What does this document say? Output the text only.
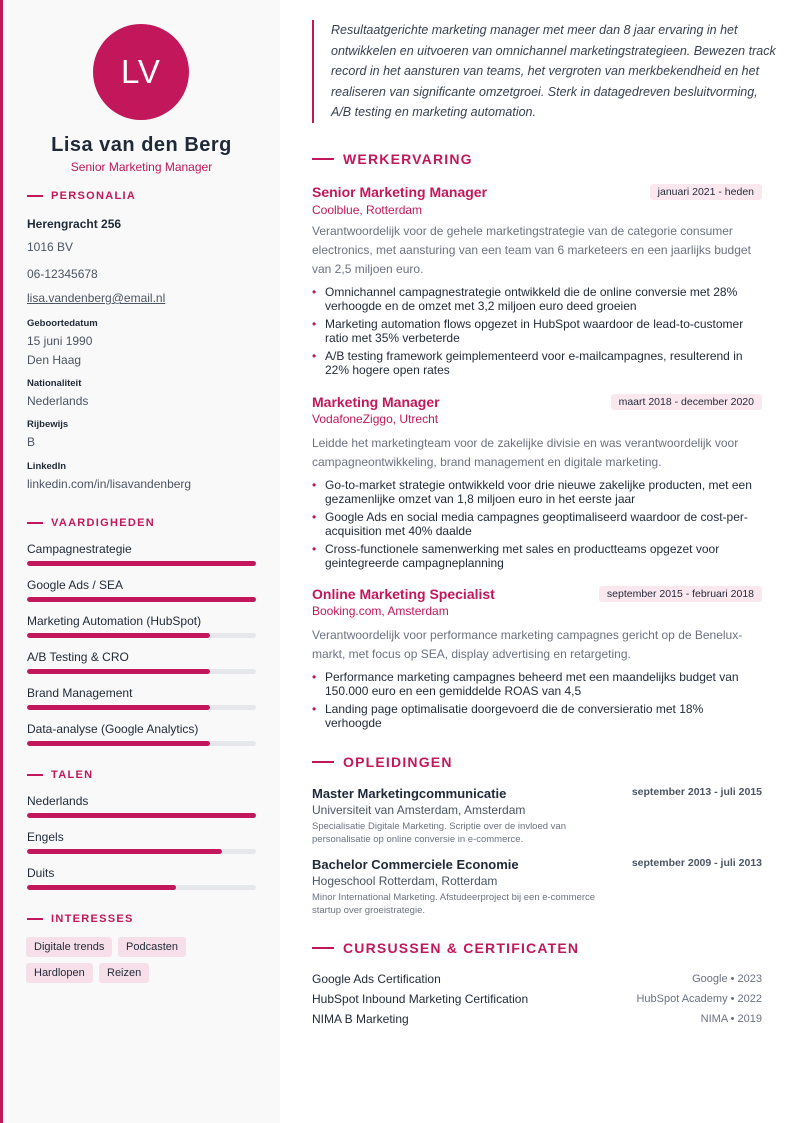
LV
Lisa van den Berg
Senior Marketing Manager
PERSONALIA
Herengracht 256
1016 BV
06-12345678
lisa.vandenberg@email.nl
Geboortedatum
15 juni 1990
Den Haag
Nationaliteit
Nederlands
Rijbewijs
B
LinkedIn
linkedin.com/in/lisavandenberg
VAARDIGHEDEN
Campagnestrategie
Google Ads / SEA
Marketing Automation (HubSpot)
A/B Testing & CRO
Brand Management
Data-analyse (Google Analytics)
TALEN
Nederlands
Engels
Duits
INTERESSES
Digitale trends	Podcasten
Hardlopen	Reizen
Resultaatgerichte marketing manager met meer dan 8 jaar ervaring in het ontwikkelen en uitvoeren van omnichannel marketingstrategieen. Bewezen track record in het aansturen van teams, het vergroten van merkbekendheid en het realiseren van significante omzetgroei. Sterk in datagedreven besluitvorming, A/B testing en marketing automation.
WERKERVARING
Senior Marketing Manager	januari 2021 - heden
Coolblue, Rotterdam
Verantwoordelijk voor de gehele marketingstrategie van de categorie consumer electronics, met aansturing van een team van 6 marketeers en een jaarlijks budget van 2,5 miljoen euro.
• Omnichannel campagnestrategie ontwikkeld die de online conversie met 28% verhoogde en de omzet met 3,2 miljoen euro deed groeien
• Marketing automation flows opgezet in HubSpot waardoor de lead-to-customer ratio met 35% verbeterde
• A/B testing framework geimplementeerd voor e-mailcampagnes, resulterend in 22% hogere open rates
Marketing Manager	maart 2018 - december 2020
VodafoneZiggo, Utrecht
Leidde het marketingteam voor de zakelijke divisie en was verantwoordelijk voor campagneontwikkeling, brand management en digitale marketing.
• Go-to-market strategie ontwikkeld voor drie nieuwe zakelijke producten, met een gezamenlijke omzet van 1,8 miljoen euro in het eerste jaar
• Google Ads en social media campagnes geoptimaliseerd waardoor de cost-per-acquisition met 40% daalde
• Cross-functionele samenwerking met sales en productteams opgezet voor geintegreerde campagneplanning
Online Marketing Specialist	september 2015 - februari 2018
Booking.com, Amsterdam
Verantwoordelijk voor performance marketing campagnes gericht op de Benelux-markt, met focus op SEA, display advertising en retargeting.
• Performance marketing campagnes beheerd met een maandelijks budget van 150.000 euro en een gemiddelde ROAS van 4,5
• Landing page optimalisatie doorgevoerd die de conversieratio met 18% verhoogde
OPLEIDINGEN
Master Marketingcommunicatie	september 2013 - juli 2015
Universiteit van Amsterdam, Amsterdam
Specialisatie Digitale Marketing. Scriptie over de invloed van personalisatie op online conversie in e-commerce.
Bachelor Commerciele Economie	september 2009 - juli 2013
Hogeschool Rotterdam, Rotterdam
Minor International Marketing. Afstudeerproject bij een e-commerce startup over groeistrategie.
CURSUSSEN & CERTIFICATEN
Google Ads Certification	Google • 2023
HubSpot Inbound Marketing Certification	HubSpot Academy • 2022
NIMA B Marketing	NIMA • 2019
